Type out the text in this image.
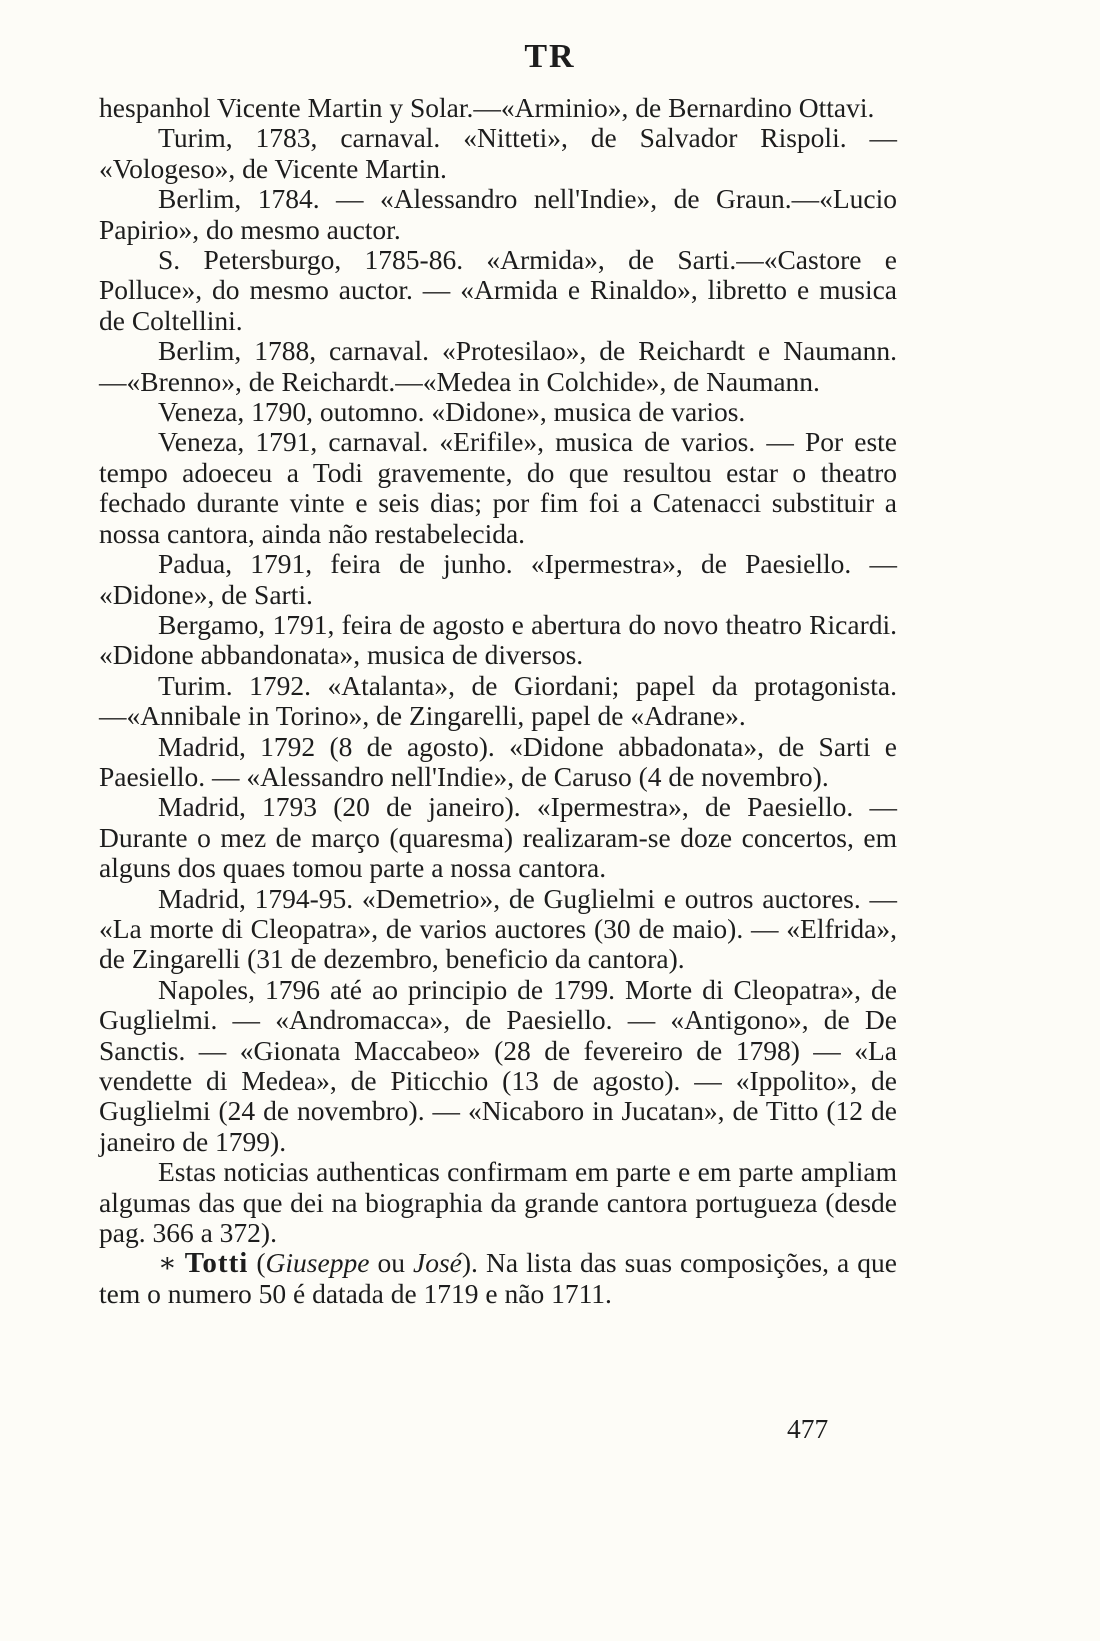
TR

hespanhol Vicente Martin y Solar.—«Arminio», de Bernardino Ottavi.

Turim, 1783, carnaval. «Nitteti», de Salvador Rispoli. — «Vologeso», de Vicente Martin.

Berlim, 1784. — «Alessandro nell'Indie», de Graun.—«Lucio Papirio», do mesmo auctor.

S. Petersburgo, 1785-86. «Armida», de Sarti.—«Castore e Polluce», do mesmo auctor. — «Armida e Rinaldo», libretto e musica de Coltellini.

Berlim, 1788, carnaval. «Protesilao», de Reichardt e Naumann.—«Brenno», de Reichardt.—«Medea in Colchide», de Naumann.

Veneza, 1790, outomno. «Didone», musica de varios.

Veneza, 1791, carnaval. «Erifile», musica de varios. — Por este tempo adoeceu a Todi gravemente, do que resultou estar o theatro fechado durante vinte e seis dias; por fim foi a Catenacci substituir a nossa cantora, ainda não restabelecida.

Padua, 1791, feira de junho. «Ipermestra», de Paesiello. — «Didone», de Sarti.

Bergamo, 1791, feira de agosto e abertura do novo theatro Ricardi. «Didone abbandonata», musica de diversos.

Turim. 1792. «Atalanta», de Giordani; papel da protagonista.—«Annibale in Torino», de Zingarelli, papel de «Adrane».

Madrid, 1792 (8 de agosto). «Didone abbadonata», de Sarti e Paesiello. — «Alessandro nell'Indie», de Caruso (4 de novembro).

Madrid, 1793 (20 de janeiro). «Ipermestra», de Paesiello. — Durante o mez de março (quaresma) realizaram-se doze concertos, em alguns dos quaes tomou parte a nossa cantora.

Madrid, 1794-95. «Demetrio», de Guglielmi e outros auctores. — «La morte di Cleopatra», de varios auctores (30 de maio). — «Elfrida», de Zingarelli (31 de dezembro, beneficio da cantora).

Napoles, 1796 até ao principio de 1799. Morte di Cleopatra», de Guglielmi. — «Andromacca», de Paesiello. — «Antigono», de De Sanctis. — «Gionata Maccabeo» (28 de fevereiro de 1798) — «La vendette di Medea», de Piticchio (13 de agosto). — «Ippolito», de Guglielmi (24 de novembro). — «Nicaboro in Jucatan», de Titto (12 de janeiro de 1799).

Estas noticias authenticas confirmam em parte e em parte ampliam algumas das que dei na biographia da grande cantora portugueza (desde pag. 366 a 372).

∗ Totti (Giuseppe ou José). Na lista das suas composições, a que tem o numero 50 é datada de 1719 e não 1711.

477
